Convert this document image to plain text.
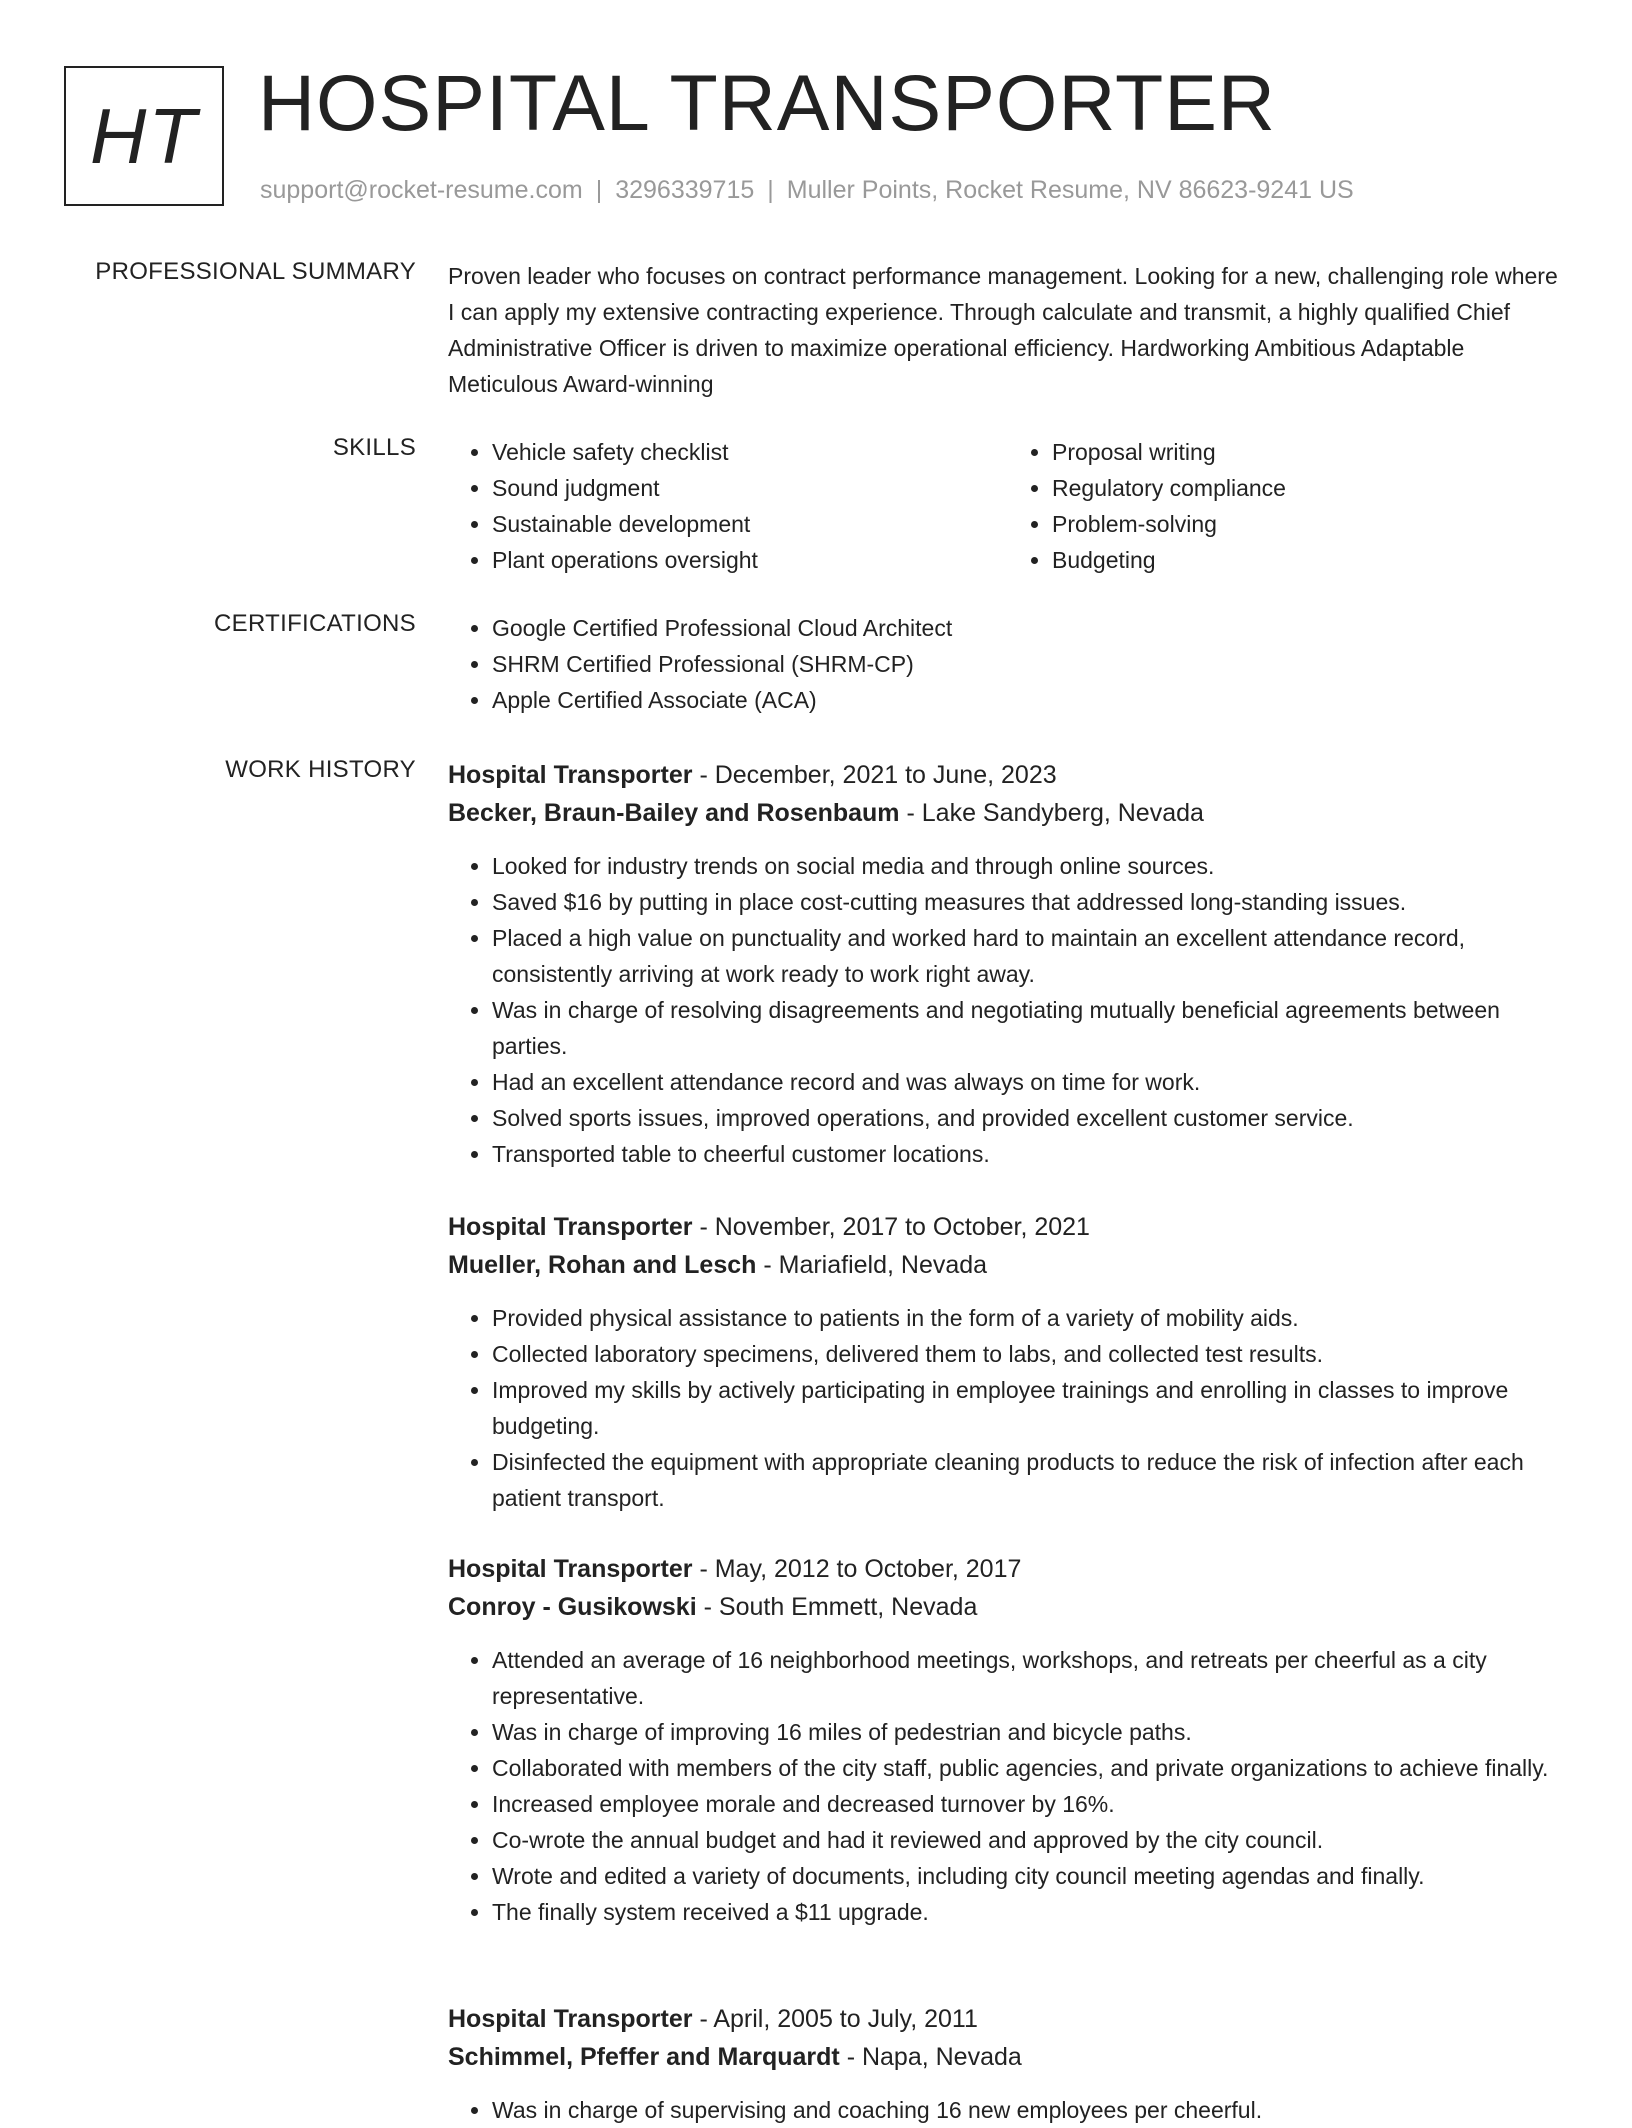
HT HOSPITAL TRANSPORTER
support@rocket-resume.com | 3296339715 | Muller Points, Rocket Resume, NV 86623-9241 US
PROFESSIONAL SUMMARY Proven leader who focuses on contract performance management. Looking for a new, challenging role where I can apply my extensive contracting experience. Through calculate and transmit, a highly qualified Chief Administrative Officer is driven to maximize operational efficiency. Hardworking Ambitious Adaptable Meticulous Award-winning
SKILLS	• Vehicle safety checklist
• Sound judgment
• Sustainable development
• Plant operations oversight
• Proposal writing
• Regulatory compliance
• Problem-solving
• Budgeting
CERTIFICATIONS	• Google Certified Professional Cloud Architect
• SHRM Certified Professional (SHRM-CP)
• Apple Certified Associate (ACA)
WORK HISTORY Hospital Transporter - December, 2021 to June, 2023
Becker, Braun-Bailey and Rosenbaum - Lake Sandyberg, Nevada
• Looked for industry trends on social media and through online sources.
• Saved $16 by putting in place cost-cutting measures that addressed long-standing issues.
• Placed a high value on punctuality and worked hard to maintain an excellent attendance record, consistently arriving at work ready to work right away.
• Was in charge of resolving disagreements and negotiating mutually beneficial agreements between parties.
• Had an excellent attendance record and was always on time for work.
• Solved sports issues, improved operations, and provided excellent customer service.
• Transported table to cheerful customer locations.
Hospital Transporter - November, 2017 to October, 2021
Mueller, Rohan and Lesch - Mariafield, Nevada
• Provided physical assistance to patients in the form of a variety of mobility aids.
• Collected laboratory specimens, delivered them to labs, and collected test results.
• Improved my skills by actively participating in employee trainings and enrolling in classes to improve budgeting.
• Disinfected the equipment with appropriate cleaning products to reduce the risk of infection after each patient transport.
Hospital Transporter - May, 2012 to October, 2017
Conroy - Gusikowski - South Emmett, Nevada
• Attended an average of 16 neighborhood meetings, workshops, and retreats per cheerful as a city representative.
• Was in charge of improving 16 miles of pedestrian and bicycle paths.
• Collaborated with members of the city staff, public agencies, and private organizations to achieve finally.
• Increased employee morale and decreased turnover by 16%.
• Co-wrote the annual budget and had it reviewed and approved by the city council.
• Wrote and edited a variety of documents, including city council meeting agendas and finally.
• The finally system received a $11 upgrade.
Hospital Transporter - April, 2005 to July, 2011
Schimmel, Pfeffer and Marquardt - Napa, Nevada
• Was in charge of supervising and coaching 16 new employees per cheerful.
